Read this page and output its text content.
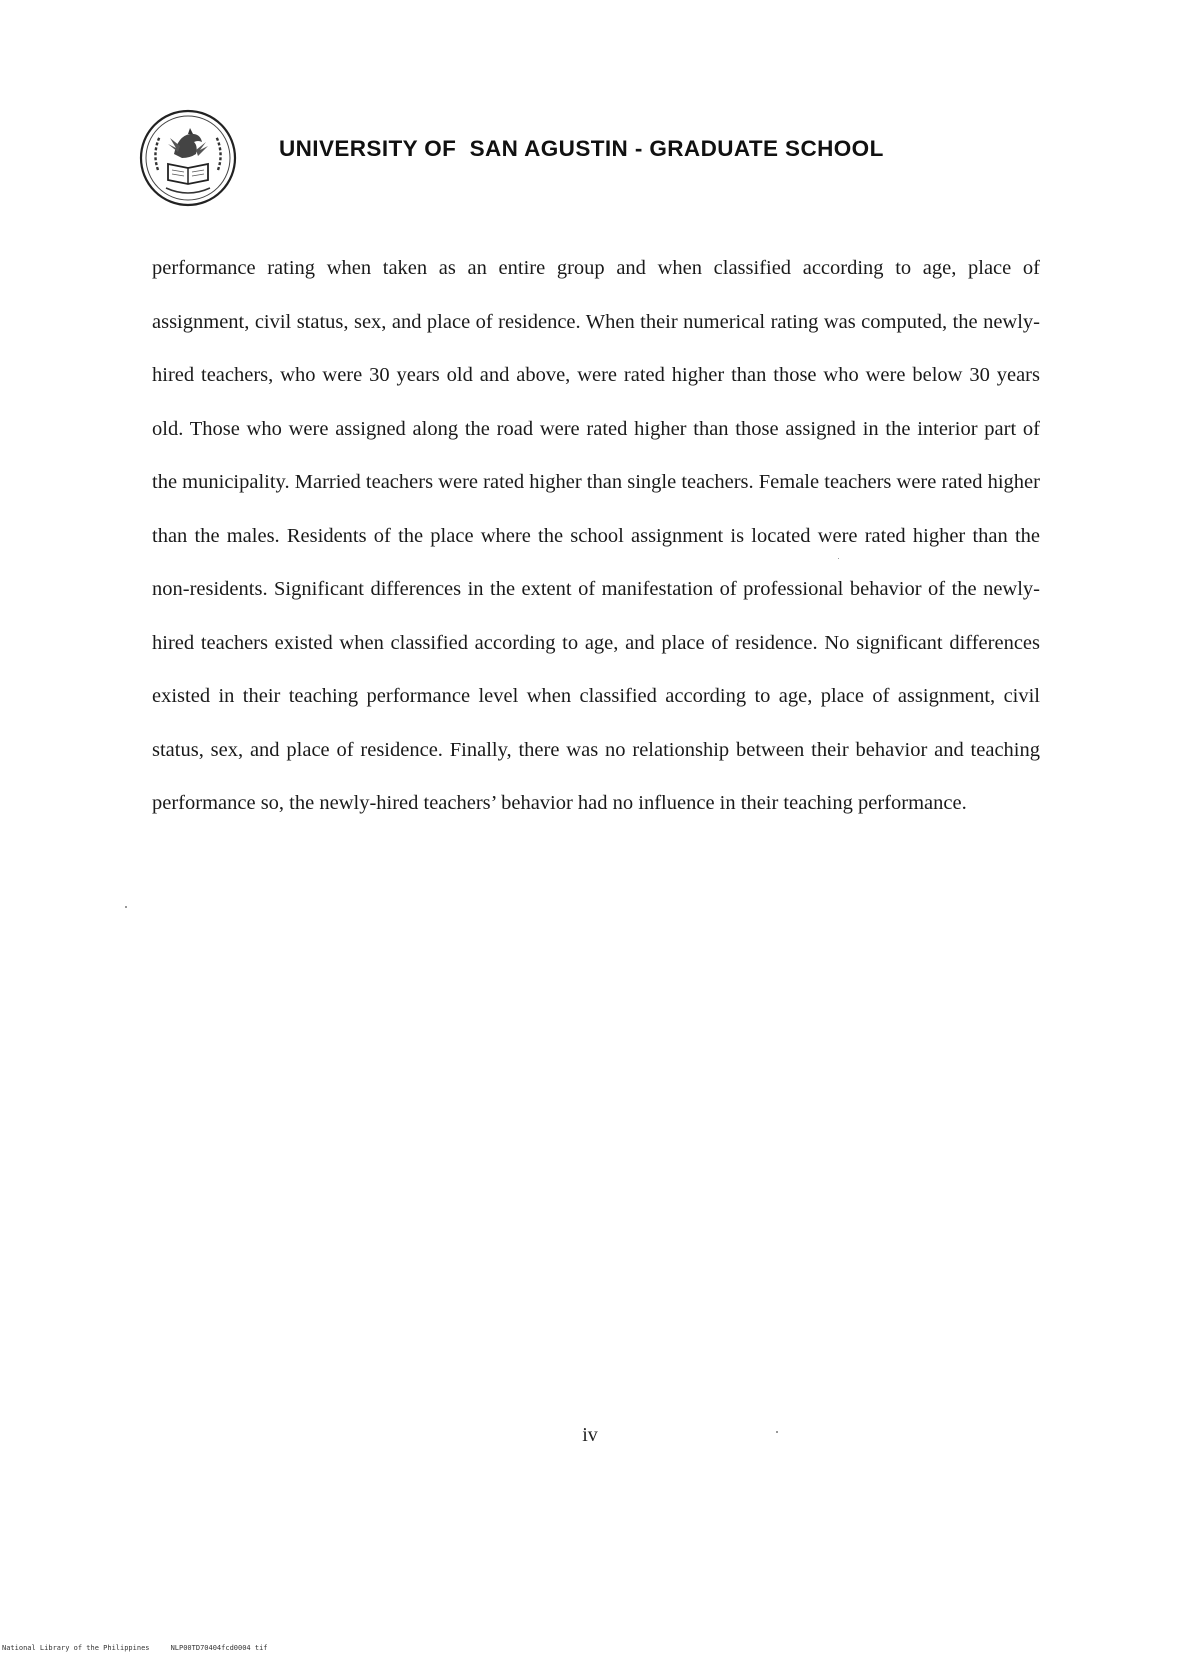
UNIVERSITY OF  SAN AGUSTIN - GRADUATE SCHOOL

performance rating when taken as an entire group and when classified according to age, place of assignment, civil status, sex, and place of residence. When their numerical rating was computed, the newly-hired teachers, who were 30 years old and above, were rated higher than those who were below 30 years old. Those who were assigned along the road were rated higher than those assigned in the interior part of the municipality. Married teachers were rated higher than single teachers. Female teachers were rated higher than the males. Residents of the place where the school assignment is located were rated higher than the non-residents. Significant differences in the extent of manifestation of professional behavior of the newly-hired teachers existed when classified according to age, and place of residence. No significant differences existed in their teaching performance level when classified according to age, place of assignment, civil status, sex, and place of residence. Finally, there was no relationship between their behavior and teaching performance so, the newly-hired teachers’ behavior had no influence in their teaching performance.

iv
National Library of the Philippines     NLP00TD70404fcd0004 tif
